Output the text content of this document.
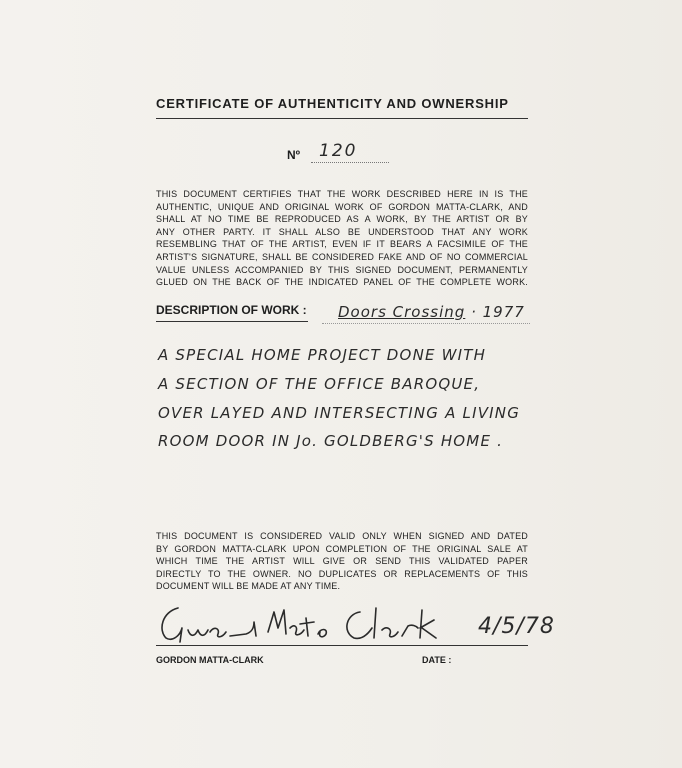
CERTIFICATE OF AUTHENTICITY AND OWNERSHIP
Nº 120

THIS DOCUMENT CERTIFIES THAT THE WORK DESCRIBED HERE IN IS THE

AUTHENTIC, UNIQUE AND ORIGINAL WORK OF GORDON MATTA-CLARK, AND

SHALL AT NO TIME BE REPRODUCED AS A WORK, BY THE ARTIST OR BY

ANY OTHER PARTY. IT SHALL ALSO BE UNDERSTOOD THAT ANY WORK

RESEMBLING THAT OF THE ARTIST, EVEN IF IT BEARS A FACSIMILE OF THE

ARTIST'S SIGNATURE, SHALL BE CONSIDERED FAKE AND OF NO COMMERCIAL

VALUE UNLESS ACCOMPANIED BY THIS SIGNED DOCUMENT, PERMANENTLY

GLUED ON THE BACK OF THE INDICATED PANEL OF THE COMPLETE WORK.

DESCRIPTION OF WORK : Doors Crossing · 1977
A SPECIAL HOME PROJECT DONE WITH
A SECTION OF THE OFFICE BAROQUE,
OVER LAYED AND INTERSECTING A LIVING
ROOM DOOR IN Jo. GOLDBERG'S HOME .

THIS DOCUMENT IS CONSIDERED VALID ONLY WHEN SIGNED AND DATED

BY GORDON MATTA-CLARK UPON COMPLETION OF THE ORIGINAL SALE AT

WHICH TIME THE ARTIST WILL GIVE OR SEND THIS VALIDATED PAPER

DIRECTLY TO THE OWNER. NO DUPLICATES OR REPLACEMENTS OF THIS

DOCUMENT WILL BE MADE AT ANY TIME.

4/5/78
GORDON MATTA-CLARK	DATE :
